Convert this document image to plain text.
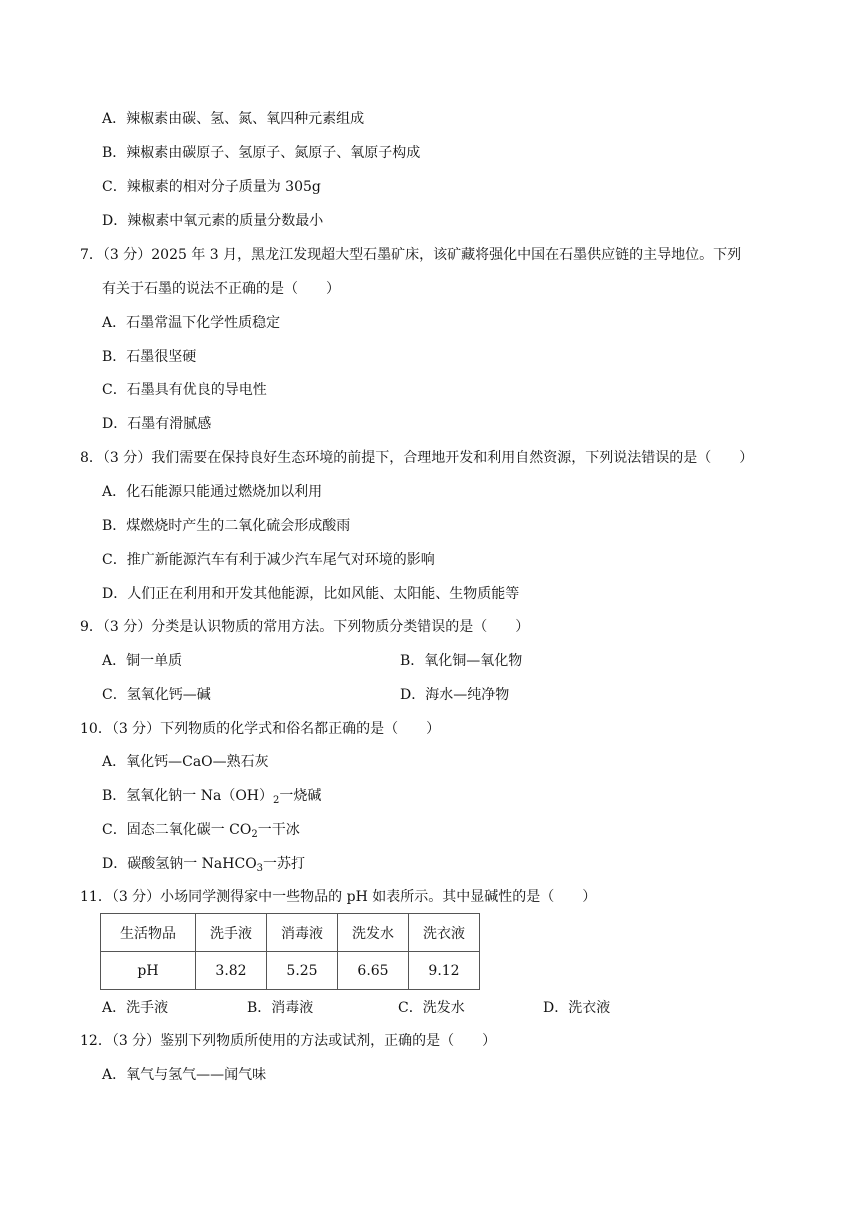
A．辣椒素由碳、氢、氮、氧四种元素组成
B．辣椒素由碳原子、氢原子、氮原子、氧原子构成
C．辣椒素的相对分子质量为 305g
D．辣椒素中氧元素的质量分数最小
7．（3 分）2025 年 3 月，黑龙江发现超大型石墨矿床，该矿藏将强化中国在石墨供应链的主导地位。下列
有关于石墨的说法不正确的是（　　）
A．石墨常温下化学性质稳定
B．石墨很坚硬
C．石墨具有优良的导电性
D．石墨有滑腻感
8．（3 分）我们需要在保持良好生态环境的前提下，合理地开发和利用自然资源，下列说法错误的是（　　）
A．化石能源只能通过燃烧加以利用
B．煤燃烧时产生的二氧化硫会形成酸雨
C．推广新能源汽车有利于减少汽车尾气对环境的影响
D．人们正在利用和开发其他能源，比如风能、太阳能、生物质能等
9．（3 分）分类是认识物质的常用方法。下列物质分类错误的是（　　）
A．铜一单质	B．氧化铜—氧化物
C．氢氧化钙—碱	D．海水—纯净物
10．（3 分）下列物质的化学式和俗名都正确的是（　　）
A．氧化钙—CaO—熟石灰
B．氢氧化钠一 $Na(OH)_2$一烧碱
C．固态二氧化碳一 $CO_2$一干冰
D．碳酸氢钠一 NaHCO$_3$一苏打
11．（3 分）小场同学测得家中一些物品的 pH 如表所示。其中显碱性的是（　　）
生活物品	洗手液	消毒液	洗发水	洗衣液
pH	3.82	5.25	6.65	9.12
A．洗手液	B．消毒液	C．洗发水	D．洗衣液
12．（3 分）鉴别下列物质所使用的方法或试剂，正确的是（　　）
A．氧气与氢气——闻气味
